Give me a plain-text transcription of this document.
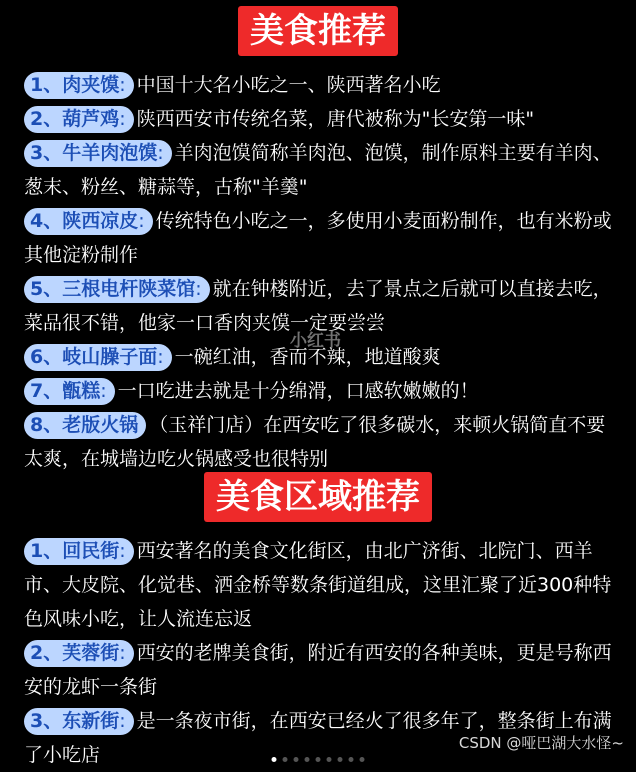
美食推荐

1、肉夹馍: 中国十大名小吃之一、陕西著名小吃

2、葫芦鸡: 陕西西安市传统名菜，唐代被称为"长安第一味"

3、牛羊肉泡馍: 羊肉泡馍简称羊肉泡、泡馍，制作原料主要有羊肉、葱末、粉丝、糖蒜等，古称"羊羹"

4、陕西凉皮: 传统特色小吃之一，多使用小麦面粉制作，也有米粉或其他淀粉制作

5、三根电杆陕菜馆: 就在钟楼附近，去了景点之后就可以直接去吃，菜品很不错，他家一口香肉夹馍一定要尝尝

6、岐山臊子面: 一碗红油，香而不辣，地道酸爽

7、甑糕: 一口吃进去就是十分绵滑，口感软嫩嫩的！

8、老版火锅 （玉祥门店）在西安吃了很多碳水，来顿火锅简直不要太爽，在城墙边吃火锅感受也很特别

美食区域推荐

1、回民街: 西安著名的美食文化街区，由北广济街、北院门、西羊市、大皮院、化觉巷、洒金桥等数条街道组成，这里汇聚了近300种特色风味小吃，让人流连忘返

2、芙蓉街: 西安的老牌美食街，附近有西安的各种美味，更是号称西安的龙虾一条街

3、东新街: 是一条夜市街，在西安已经火了很多年了，整条街上布满了小吃店

小红书
CSDN @哑巴湖大水怪~
